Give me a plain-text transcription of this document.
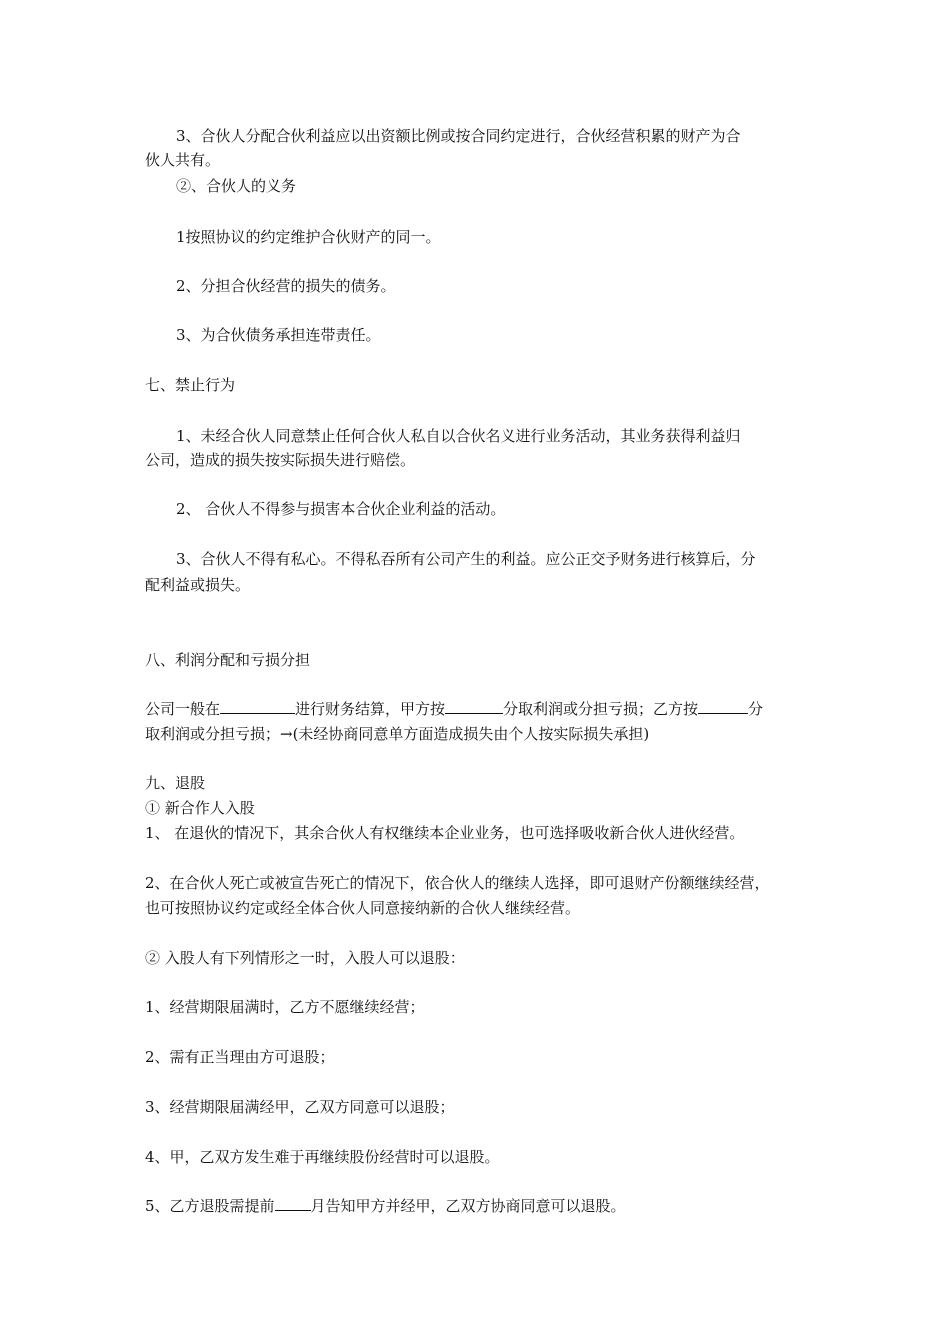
3、合伙人分配合伙利益应以出资额比例或按合同约定进行，合伙经营积累的财产为合

伙人共有。

②、合伙人的义务

1按照协议的约定维护合伙财产的同一。

2、分担合伙经营的损失的债务。

3、为合伙债务承担连带责任。

七、禁止行为

1、未经合伙人同意禁止任何合伙人私自以合伙名义进行业务活动，其业务获得利益归

公司，造成的损失按实际损失进行赔偿。

2、 合伙人不得参与损害本合伙企业利益的活动。

3、合伙人不得有私心。不得私吞所有公司产生的利益。应公正交予财务进行核算后，分

配利益或损失。

八、利润分配和亏损分担

公司一般在	进行财务结算，甲方按	分取利润或分担亏损；乙方按	分

取利润或分担亏损；→(未经协商同意单方面造成损失由个人按实际损失承担)

九、退股

① 新合作人入股

1、 在退伙的情况下，其余合伙人有权继续本企业业务，也可选择吸收新合伙人进伙经营。

2、在合伙人死亡或被宣告死亡的情况下，依合伙人的继续人选择，即可退财产份额继续经营，

也可按照协议约定或经全体合伙人同意接纳新的合伙人继续经营。

② 入股人有下列情形之一时，入股人可以退股：

1、经营期限届满时，乙方不愿继续经营；

2、需有正当理由方可退股；

3、经营期限届满经甲，乙双方同意可以退股；

4、甲，乙双方发生难于再继续股份经营时可以退股。

5、乙方退股需提前 月告知甲方并经甲，乙双方协商同意可以退股。
